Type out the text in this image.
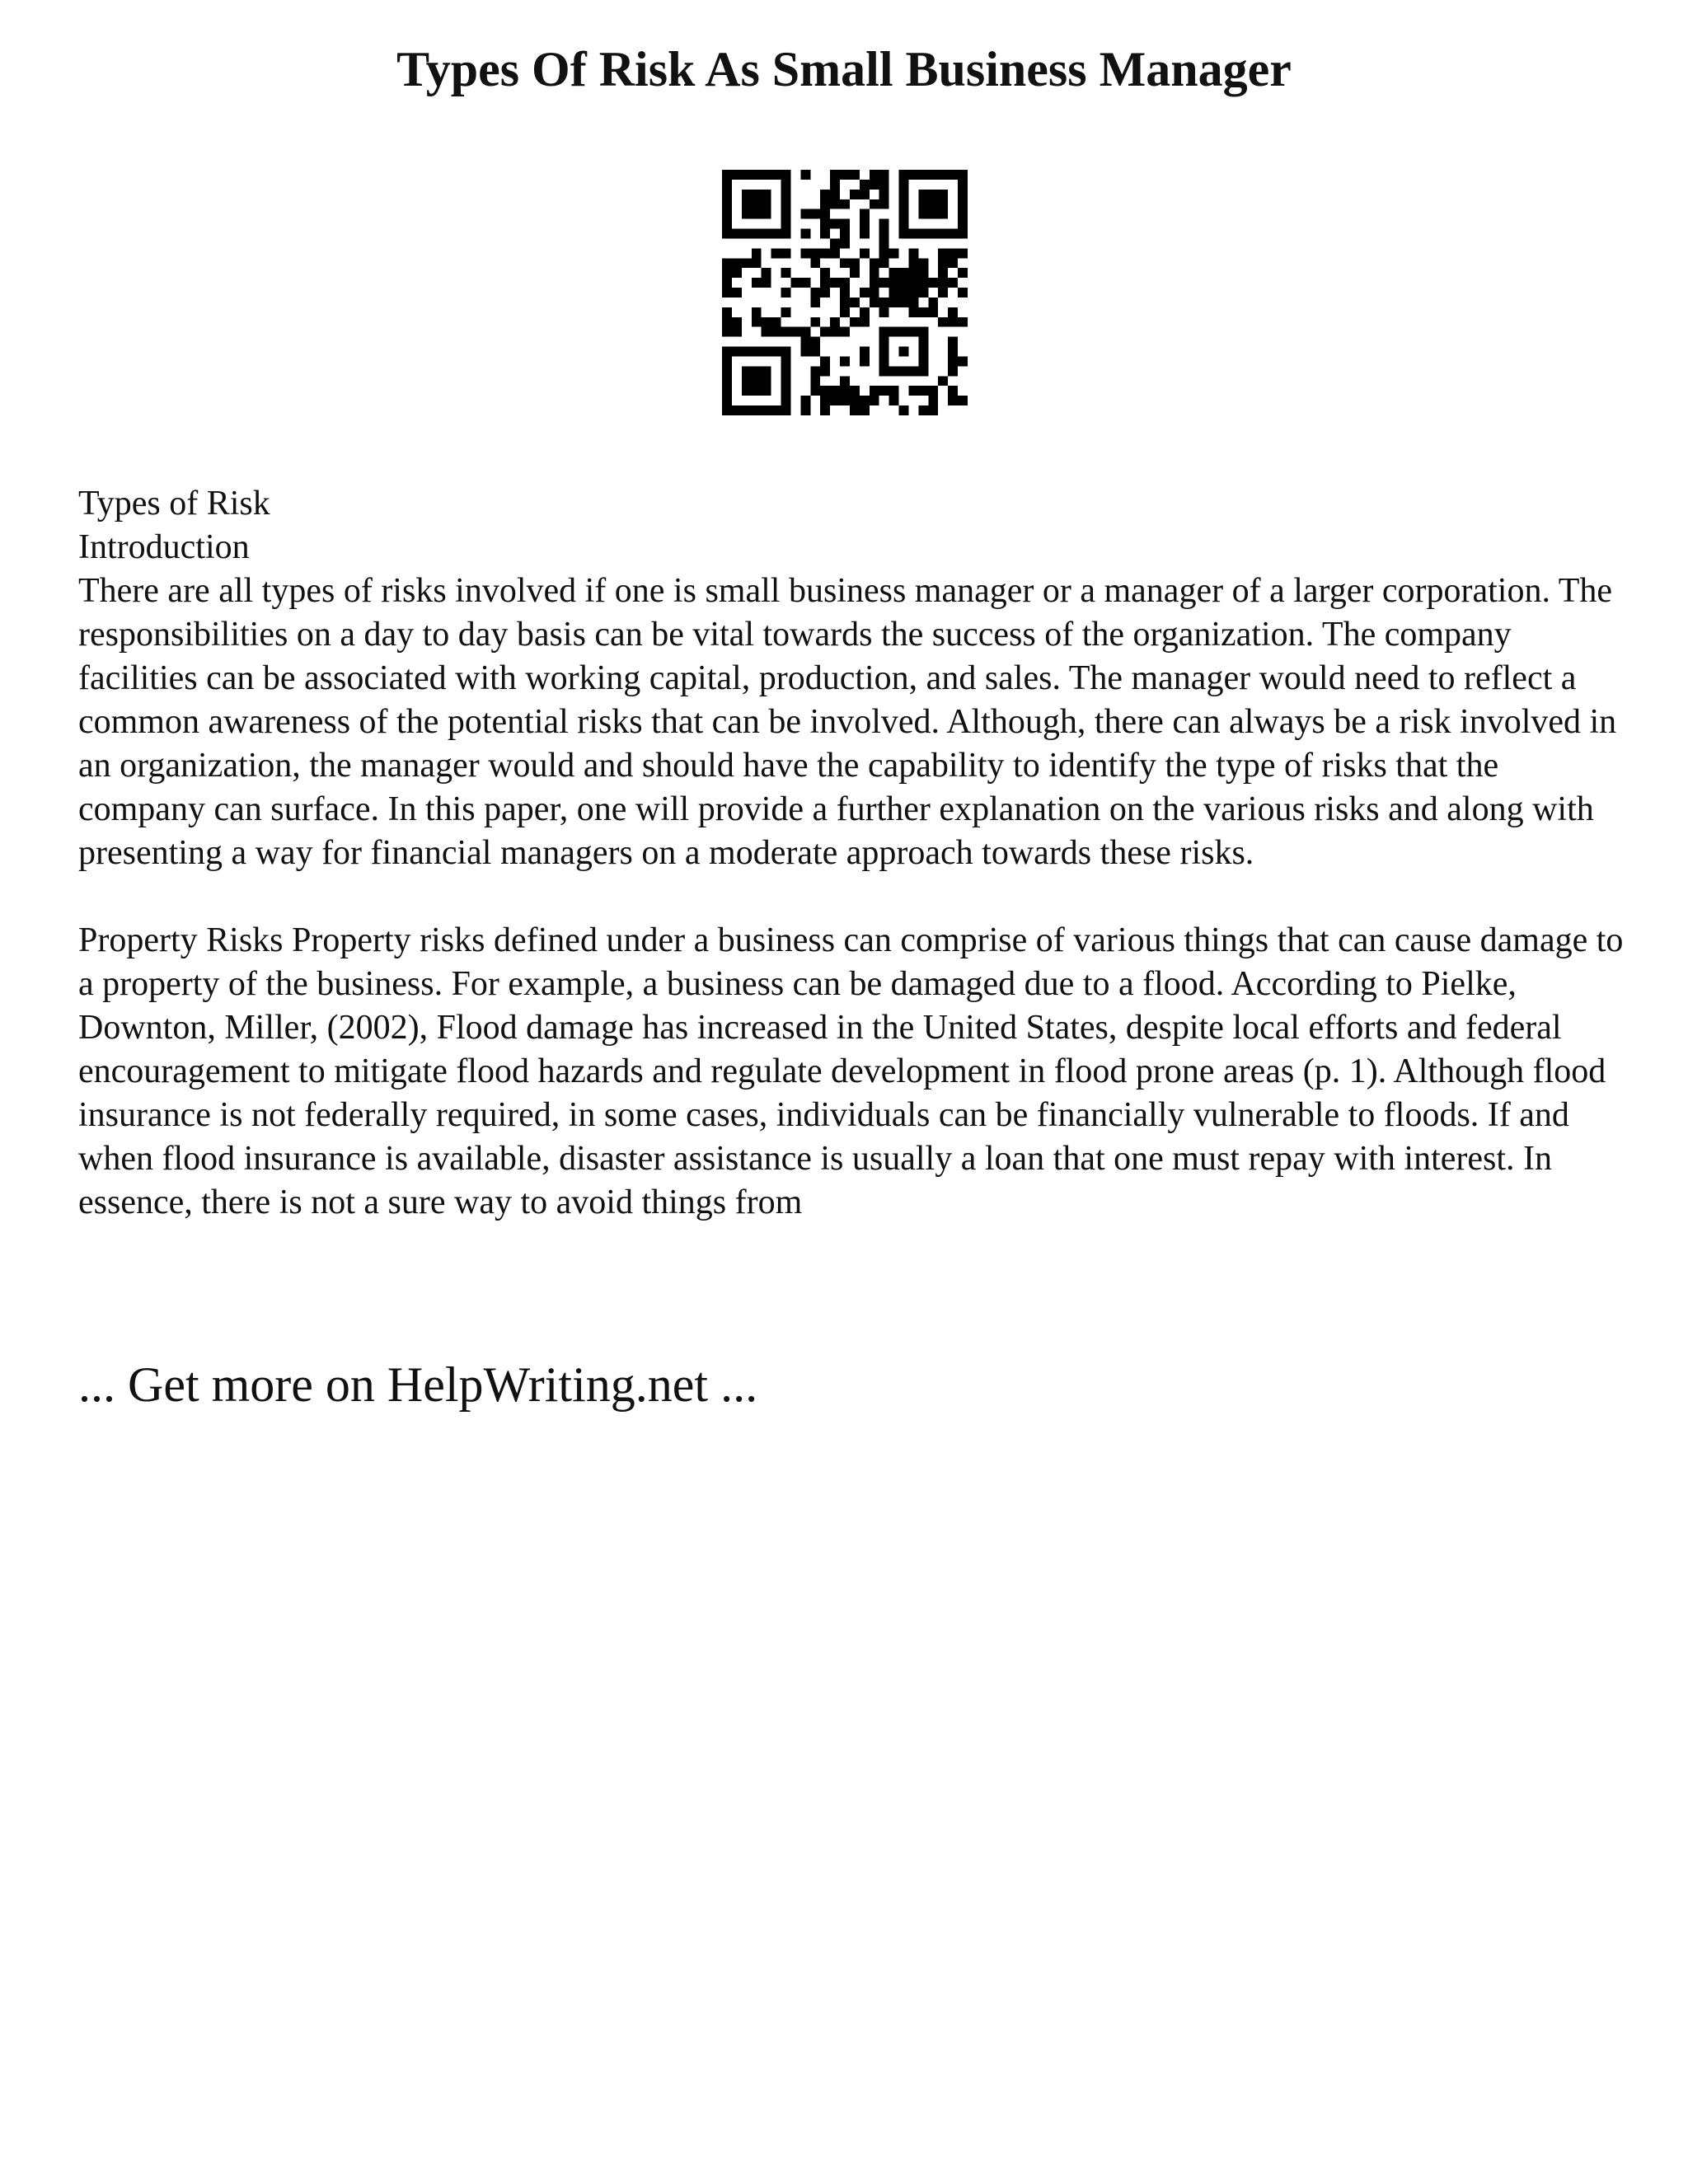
Types Of Risk As Small Business Manager

Types of Risk

Introduction

There are all types of risks involved if one is small business manager or a manager of a larger corporation. The responsibilities on a day to day basis can be vital towards the success of the organization. The company facilities can be associated with working capital, production, and sales. The manager would need to reflect a common awareness of the potential risks that can be involved. Although, there can always be a risk involved in an organization, the manager would and should have the capability to identify the type of risks that the company can surface. In this paper, one will provide a further explanation on the various risks and along with presenting a way for financial managers on a moderate approach towards these risks.

Property Risks Property risks defined under a business can comprise of various things that can cause damage to a property of the business. For example, a business can be damaged due to a flood. According to Pielke, Downton, Miller, (2002), Flood damage has increased in the United States, despite local efforts and federal encouragement to mitigate flood hazards and regulate development in flood prone areas (p. 1). Although flood insurance is not federally required, in some cases, individuals can be financially vulnerable to floods. If and when flood insurance is available, disaster assistance is usually a loan that one must repay with interest. In essence, there is not a sure way to avoid things from

... Get more on HelpWriting.net ...
